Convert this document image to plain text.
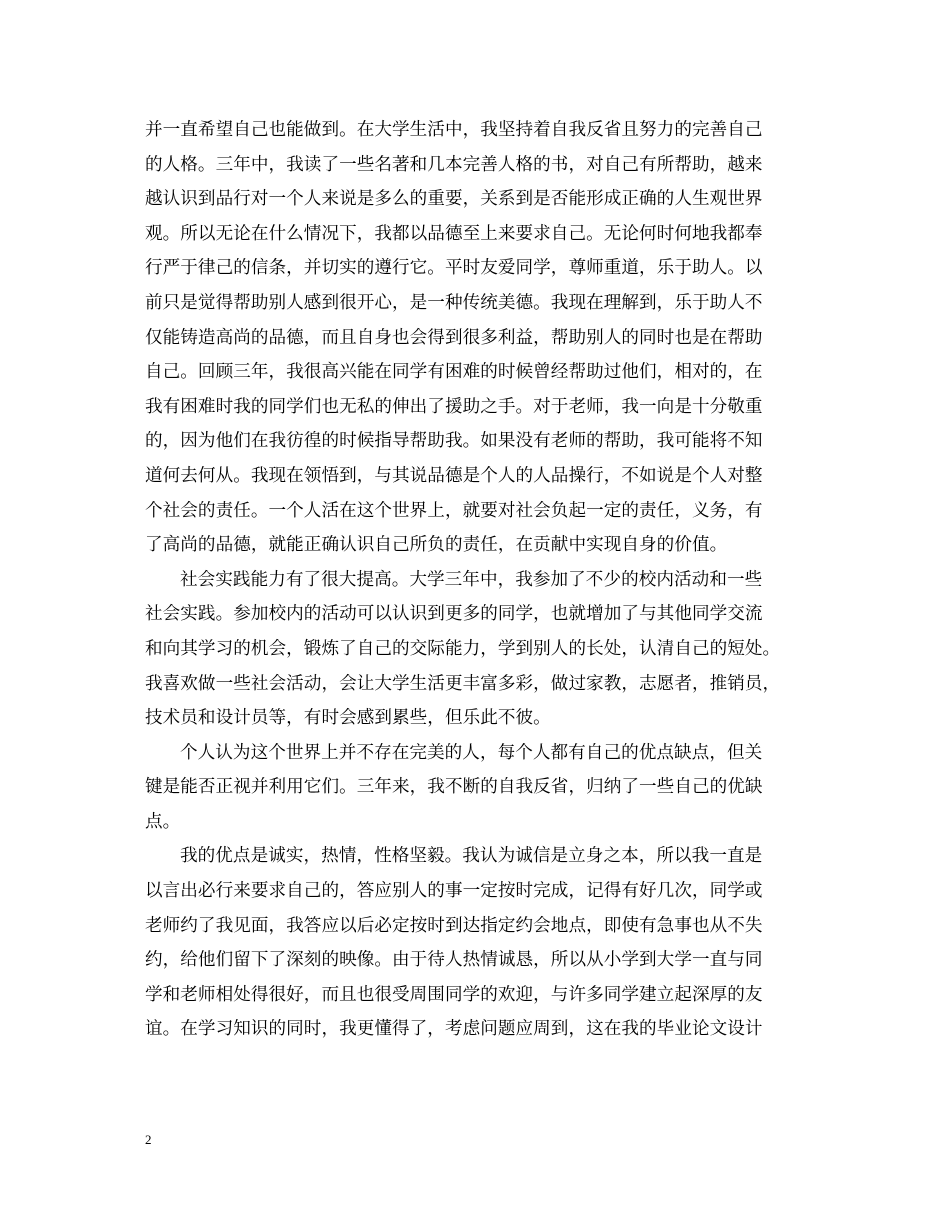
并一直希望自己也能做到。在大学生活中，我坚持着自我反省且努力的完善自己
的人格。三年中，我读了一些名著和几本完善人格的书，对自己有所帮助，越来
越认识到品行对一个人来说是多么的重要，关系到是否能形成正确的人生观世界
观。所以无论在什么情况下，我都以品德至上来要求自己。无论何时何地我都奉
行严于律己的信条，并切实的遵行它。平时友爱同学，尊师重道，乐于助人。以
前只是觉得帮助别人感到很开心，是一种传统美德。我现在理解到，乐于助人不
仅能铸造高尚的品德，而且自身也会得到很多利益，帮助别人的同时也是在帮助
自己。回顾三年，我很高兴能在同学有困难的时候曾经帮助过他们，相对的，在
我有困难时我的同学们也无私的伸出了援助之手。对于老师，我一向是十分敬重
的，因为他们在我彷徨的时候指导帮助我。如果没有老师的帮助，我可能将不知
道何去何从。我现在领悟到，与其说品德是个人的人品操行，不如说是个人对整
个社会的责任。一个人活在这个世界上，就要对社会负起一定的责任，义务，有
了高尚的品德，就能正确认识自己所负的责任，在贡献中实现自身的价值。
社会实践能力有了很大提高。大学三年中，我参加了不少的校内活动和一些
社会实践。参加校内的活动可以认识到更多的同学，也就增加了与其他同学交流
和向其学习的机会，锻炼了自己的交际能力，学到别人的长处，认清自己的短处。
我喜欢做一些社会活动，会让大学生活更丰富多彩，做过家教，志愿者，推销员，
技术员和设计员等，有时会感到累些，但乐此不彼。
个人认为这个世界上并不存在完美的人，每个人都有自己的优点缺点，但关
键是能否正视并利用它们。三年来，我不断的自我反省，归纳了一些自己的优缺
点。
我的优点是诚实，热情，性格坚毅。我认为诚信是立身之本，所以我一直是
以言出必行来要求自己的，答应别人的事一定按时完成，记得有好几次，同学或
老师约了我见面，我答应以后必定按时到达指定约会地点，即使有急事也从不失
约，给他们留下了深刻的映像。由于待人热情诚恳，所以从小学到大学一直与同
学和老师相处得很好，而且也很受周围同学的欢迎，与许多同学建立起深厚的友
谊。在学习知识的同时，我更懂得了，考虑问题应周到，这在我的毕业论文设计
2
